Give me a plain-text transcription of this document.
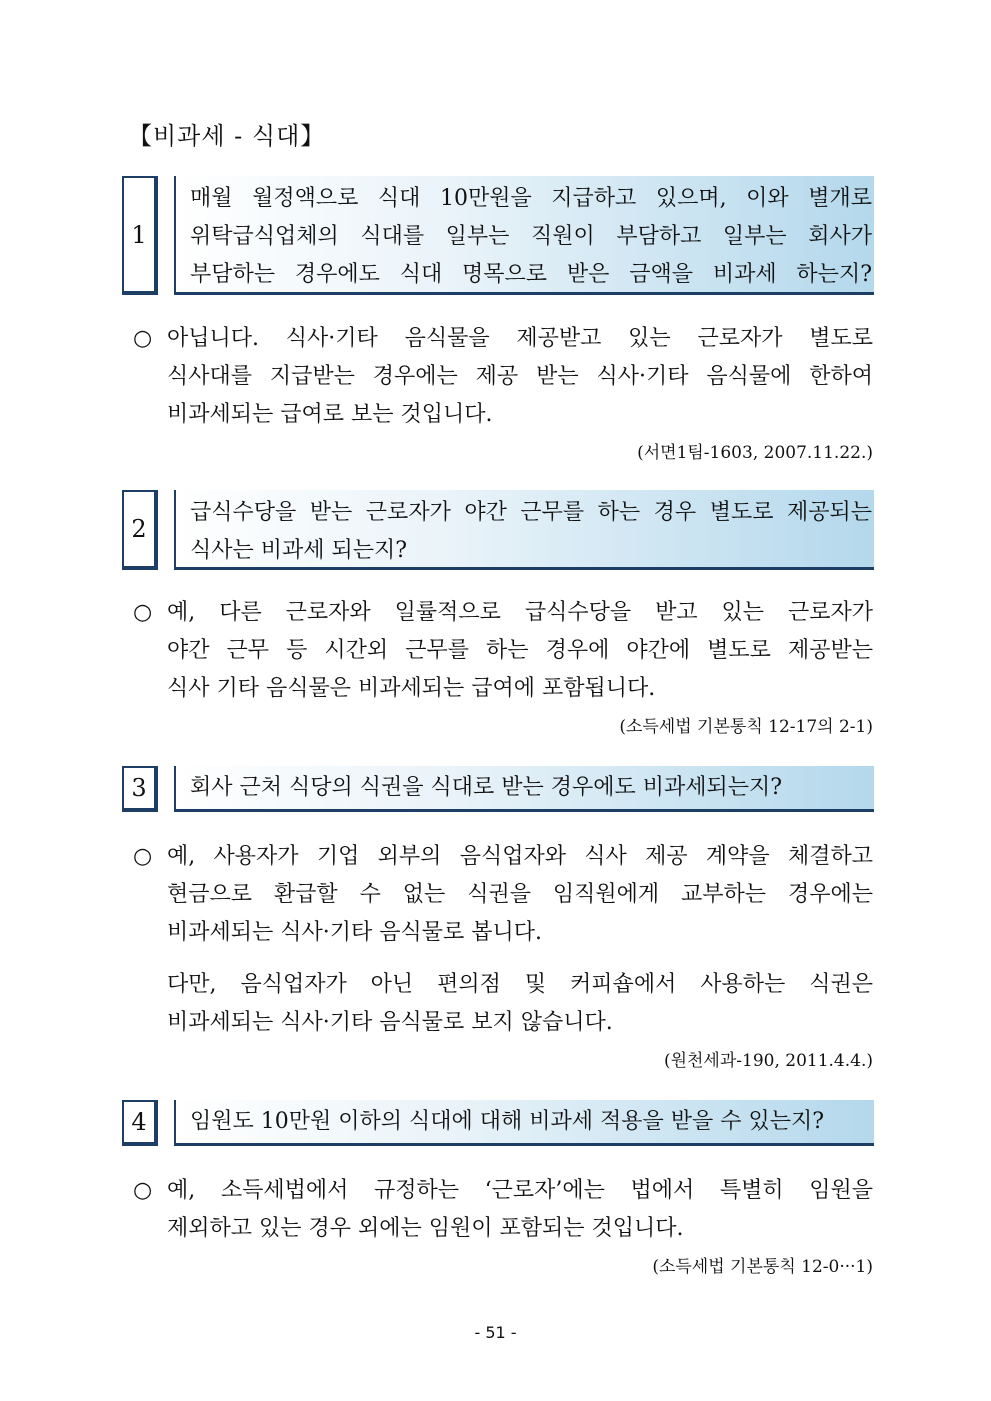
【비과세 - 식대】
1
매월 월정액으로 식대 10만원을 지급하고 있으며, 이와 별개로
위탁급식업체의 식대를 일부는 직원이 부담하고 일부는 회사가
부담하는 경우에도 식대 명목으로 받은 금액을 비과세 하는지?
○ 아닙니다. 식사·기타 음식물을 제공받고 있는 근로자가 별도로
식사대를 지급받는 경우에는 제공 받는 식사·기타 음식물에 한하여
비과세되는 급여로 보는 것입니다.
(서면1팀-1603, 2007.11.22.)
2
급식수당을 받는 근로자가 야간 근무를 하는 경우 별도로 제공되는
식사는 비과세 되는지?
○ 예, 다른 근로자와 일률적으로 급식수당을 받고 있는 근로자가
야간 근무 등 시간외 근무를 하는 경우에 야간에 별도로 제공받는
식사 기타 음식물은 비과세되는 급여에 포함됩니다.
(소득세법 기본통칙 12-17의 2-1)
3	회사 근처 식당의 식권을 식대로 받는 경우에도 비과세되는지?
○ 예, 사용자가 기업 외부의 음식업자와 식사 제공 계약을 체결하고
현금으로 환급할 수 없는 식권을 임직원에게 교부하는 경우에는
비과세되는 식사·기타 음식물로 봅니다.
다만, 음식업자가 아닌 편의점 및 커피숍에서 사용하는 식권은
비과세되는 식사·기타 음식물로 보지 않습니다.
(원천세과-190, 2011.4.4.)
4	임원도 10만원 이하의 식대에 대해 비과세 적용을 받을 수 있는지?
○ 예, 소득세법에서 규정하는 ‘근로자’에는 법에서 특별히 임원을
제외하고 있는 경우 외에는 임원이 포함되는 것입니다.
(소득세법 기본통칙 12-0···1)
- 51 -
